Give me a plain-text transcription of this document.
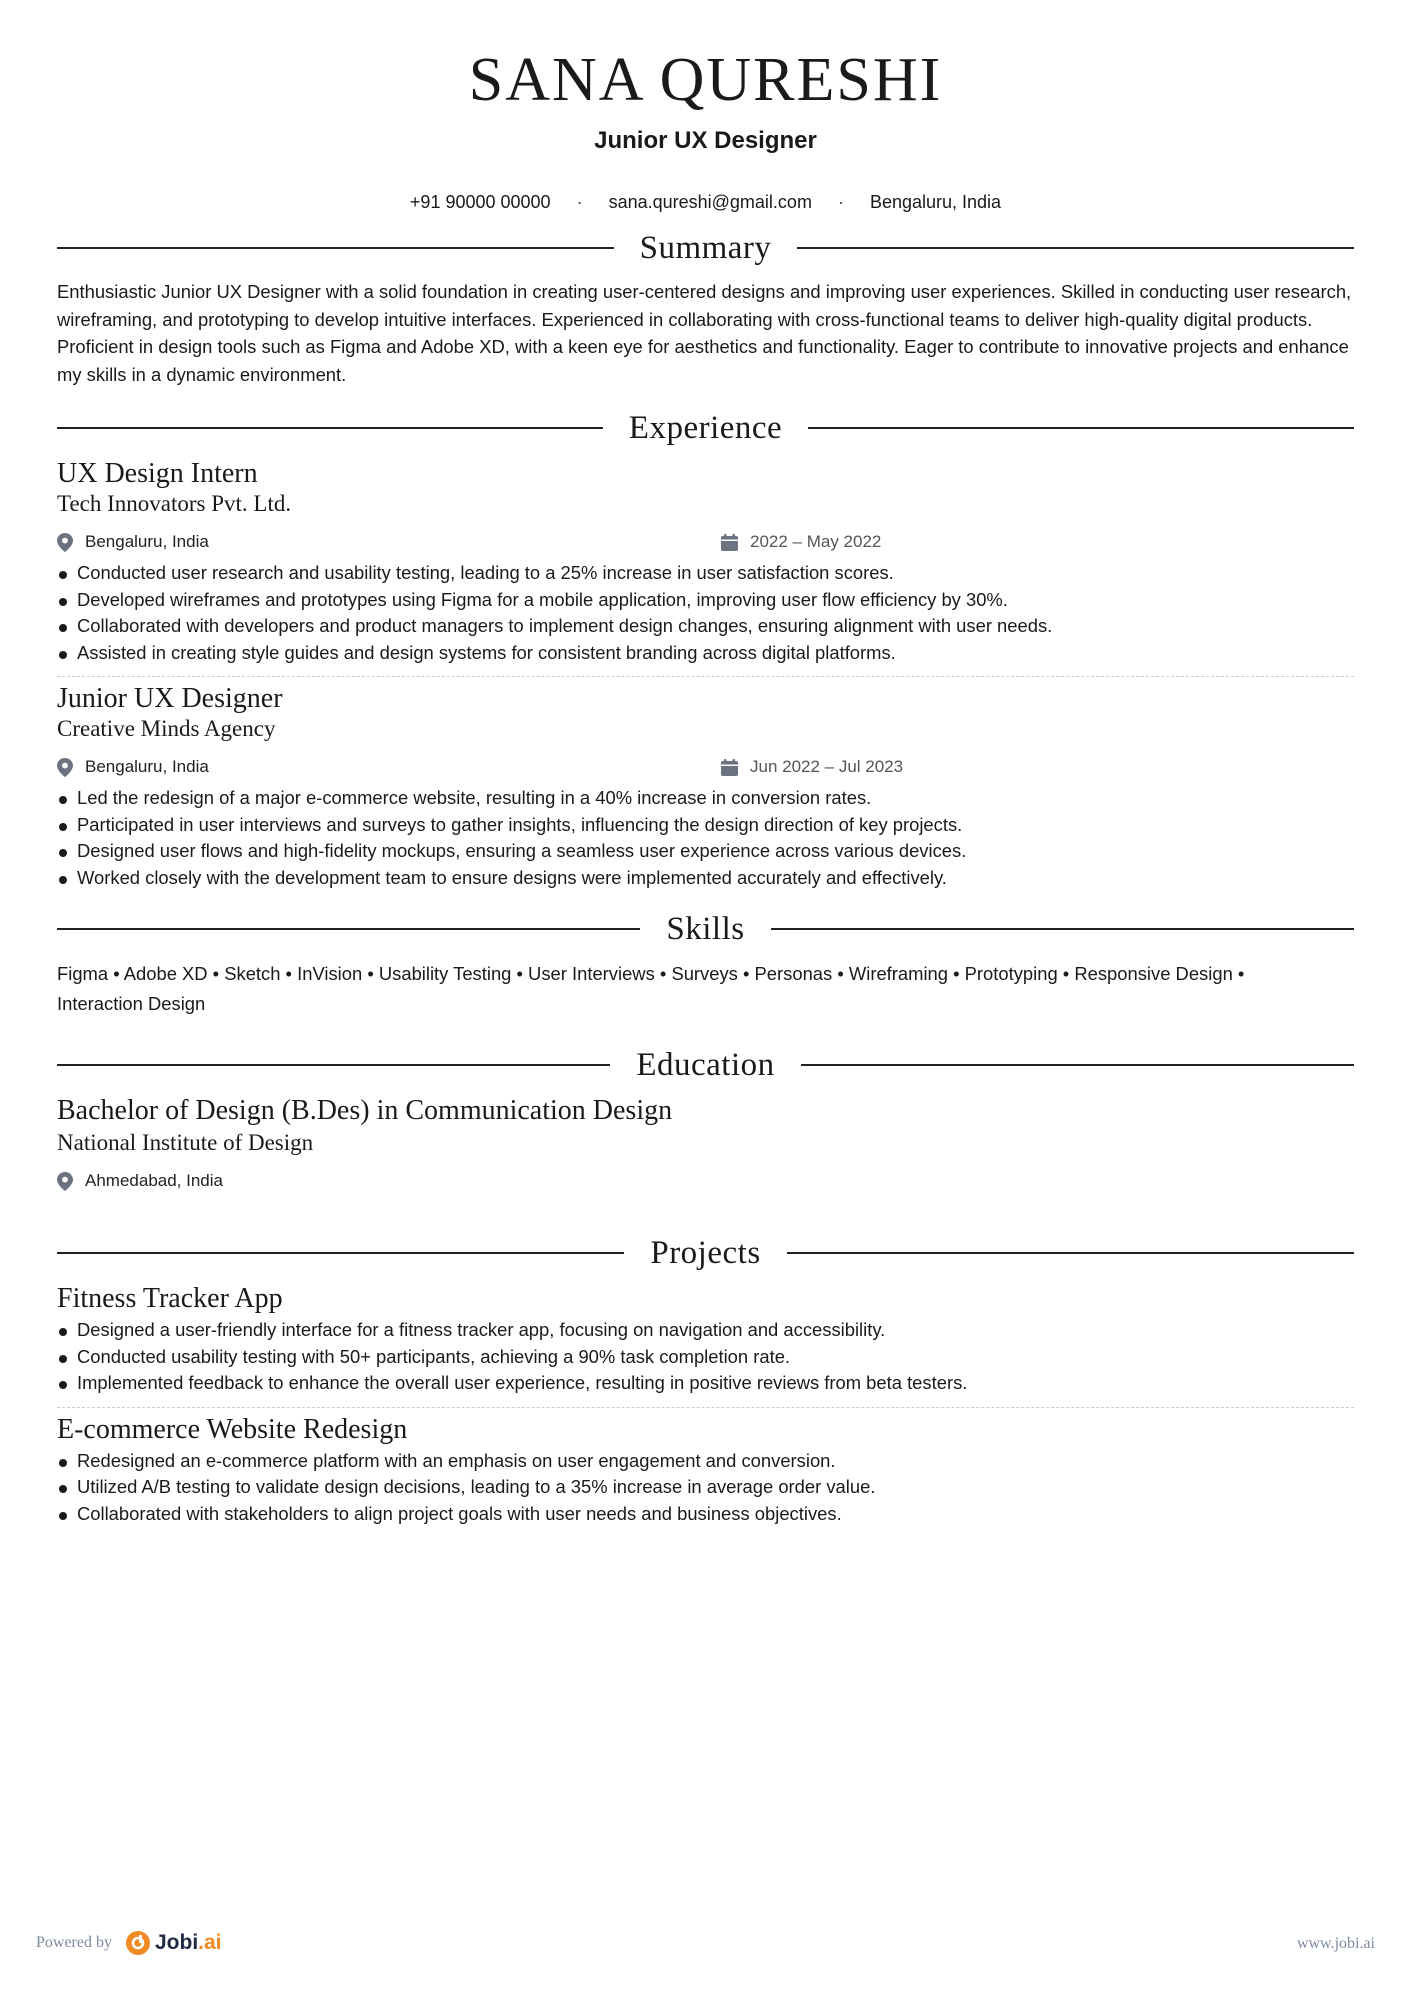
SANA QURESHI
Junior UX Designer
+91 90000 00000 · sana.qureshi@gmail.com · Bengaluru, India
Summary
Enthusiastic Junior UX Designer with a solid foundation in creating user-centered designs and improving user experiences. Skilled in conducting user research, wireframing, and prototyping to develop intuitive interfaces. Experienced in collaborating with cross-functional teams to deliver high-quality digital products. Proficient in design tools such as Figma and Adobe XD, with a keen eye for aesthetics and functionality. Eager to contribute to innovative projects and enhance my skills in a dynamic environment.
Experience
UX Design Intern
Tech Innovators Pvt. Ltd.
Bengaluru, India	2022 – May 2022
Conducted user research and usability testing, leading to a 25% increase in user satisfaction scores.
Developed wireframes and prototypes using Figma for a mobile application, improving user flow efficiency by 30%.
Collaborated with developers and product managers to implement design changes, ensuring alignment with user needs.
Assisted in creating style guides and design systems for consistent branding across digital platforms.
Junior UX Designer
Creative Minds Agency
Bengaluru, India	Jun 2022 – Jul 2023
Led the redesign of a major e-commerce website, resulting in a 40% increase in conversion rates.
Participated in user interviews and surveys to gather insights, influencing the design direction of key projects.
Designed user flows and high-fidelity mockups, ensuring a seamless user experience across various devices.
Worked closely with the development team to ensure designs were implemented accurately and effectively.
Skills
Figma • Adobe XD • Sketch • InVision • Usability Testing • User Interviews • Surveys • Personas • Wireframing • Prototyping • Responsive Design •
Interaction Design
Education
Bachelor of Design (B.Des) in Communication Design
National Institute of Design
Ahmedabad, India
Projects
Fitness Tracker App
Designed a user-friendly interface for a fitness tracker app, focusing on navigation and accessibility.
Conducted usability testing with 50+ participants, achieving a 90% task completion rate.
Implemented feedback to enhance the overall user experience, resulting in positive reviews from beta testers.
E-commerce Website Redesign
Redesigned an e-commerce platform with an emphasis on user engagement and conversion.
Utilized A/B testing to validate design decisions, leading to a 35% increase in average order value.
Collaborated with stakeholders to align project goals with user needs and business objectives.
Powered by Jobi.ai	www.jobi.ai
